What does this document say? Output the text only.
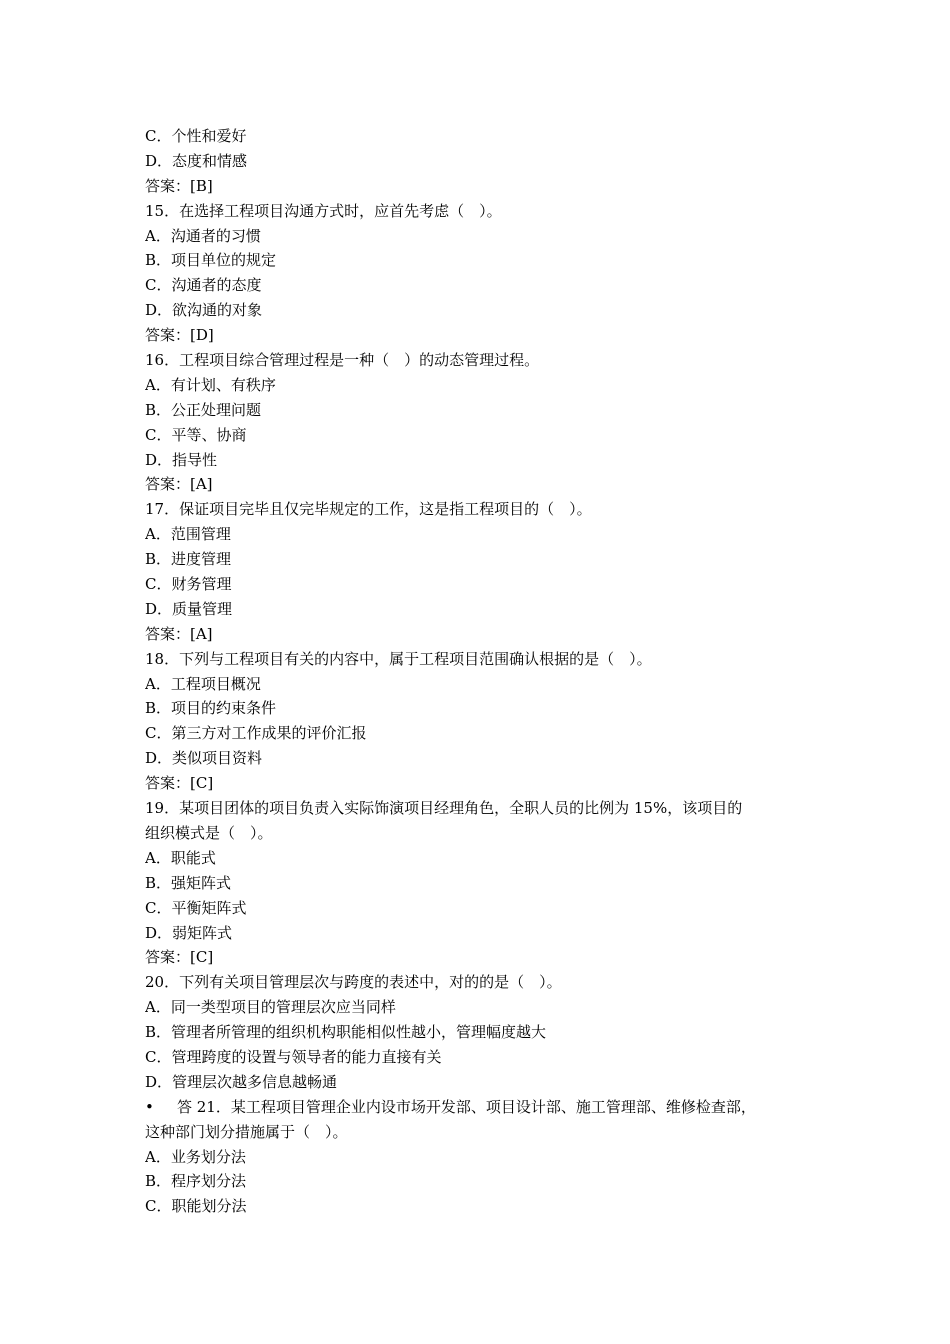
C．个性和爱好
D．态度和情感
答案：[B]
15．在选择工程项目沟通方式时，应首先考虑（　）。
A．沟通者的习惯
B．项目单位的规定
C．沟通者的态度
D．欲沟通的对象
答案：[D]
16．工程项目综合管理过程是一种（　）的动态管理过程。
A．有计划、有秩序
B．公正处理问题
C．平等、协商
D．指导性
答案：[A]
17．保证项目完毕且仅完毕规定的工作，这是指工程项目的（　）。
A．范围管理
B．进度管理
C．财务管理
D．质量管理
答案：[A]
18．下列与工程项目有关的内容中，属于工程项目范围确认根据的是（　）。
A．工程项目概况
B．项目的约束条件
C．第三方对工作成果的评价汇报
D．类似项目资料
答案：[C]
19．某项目团体的项目负责入实际饰演项目经理角色，全职人员的比例为 15%，该项目的
组织模式是（　）。
A．职能式
B．强矩阵式
C．平衡矩阵式
D．弱矩阵式
答案：[C]
20．下列有关项目管理层次与跨度的表述中，对的的是（　）。
A．同一类型项目的管理层次应当同样
B．管理者所管理的组织机构职能相似性越小，管理幅度越大
C．管理跨度的设置与领导者的能力直接有关
D．管理层次越多信息越畅通
•	答 21．某工程项目管理企业内设市场开发部、项目设计部、施工管理部、维修检查部，
这种部门划分措施属于（　）。
A．业务划分法
B．程序划分法
C．职能划分法
